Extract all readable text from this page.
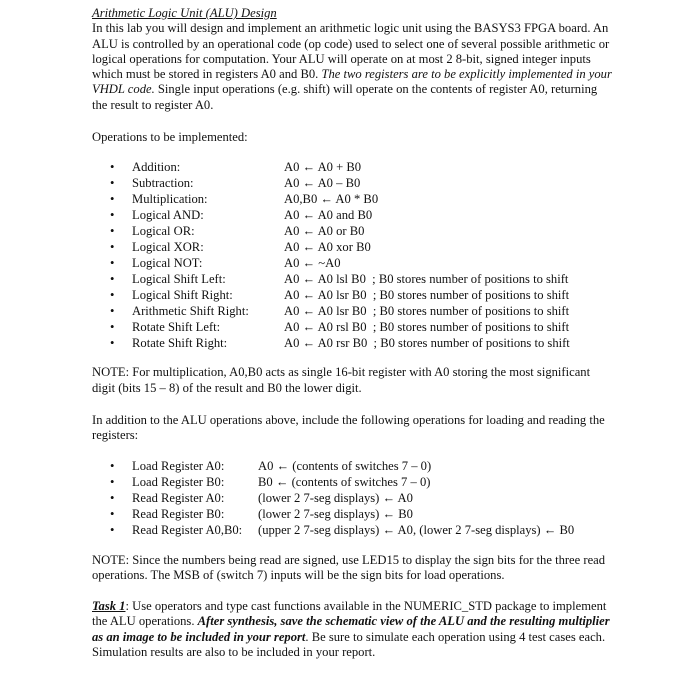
Arithmetic Logic Unit (ALU) Design

In this lab you will design and implement an arithmetic logic unit using the BASYS3 FPGA board. An ALU is controlled by an operational code (op code) used to select one of several possible arithmetic or logical operations for computation. Your ALU will operate on at most 2 8-bit, signed integer inputs which must be stored in registers A0 and B0. The two registers are to be explicitly implemented in your VHDL code. Single input operations (e.g. shift) will operate on the contents of register A0, returning the result to register A0.

Operations to be implemented:

•	Addition:	A0 ← A0 + B0
•	Subtraction:	A0 ← A0 – B0
•	Multiplication:	A0,B0 ← A0 * B0
•	Logical AND:	A0 ← A0 and B0
•	Logical OR:	A0 ← A0 or B0
•	Logical XOR:	A0 ← A0 xor B0
•	Logical NOT:	A0 ← ~A0
•	Logical Shift Left:	A0 ← A0 lsl B0  ; B0 stores number of positions to shift
•	Logical Shift Right:	A0 ← A0 lsr B0  ; B0 stores number of positions to shift
•	Arithmetic Shift Right:	A0 ← A0 lsr B0  ; B0 stores number of positions to shift
•	Rotate Shift Left:	A0 ← A0 rsl B0  ; B0 stores number of positions to shift
•	Rotate Shift Right:	A0 ← A0 rsr B0  ; B0 stores number of positions to shift

NOTE: For multiplication, A0,B0 acts as single 16-bit register with A0 storing the most significant digit (bits 15 – 8) of the result and B0 the lower digit.

In addition to the ALU operations above, include the following operations for loading and reading the registers:

•	Load Register A0:	A0 ← (contents of switches 7 – 0)
•	Load Register B0:	B0 ← (contents of switches 7 – 0)
•	Read Register A0:	(lower 2 7-seg displays) ← A0
•	Read Register B0:	(lower 2 7-seg displays) ← B0
•	Read Register A0,B0:	(upper 2 7-seg displays) ← A0, (lower 2 7-seg displays) ← B0

NOTE: Since the numbers being read are signed, use LED15 to display the sign bits for the three read operations. The MSB of (switch 7) inputs will be the sign bits for load operations.

Task 1: Use operators and type cast functions available in the NUMERIC_STD package to implement the ALU operations. After synthesis, save the schematic view of the ALU and the resulting multiplier as an image to be included in your report. Be sure to simulate each operation using 4 test cases each. Simulation results are also to be included in your report.
